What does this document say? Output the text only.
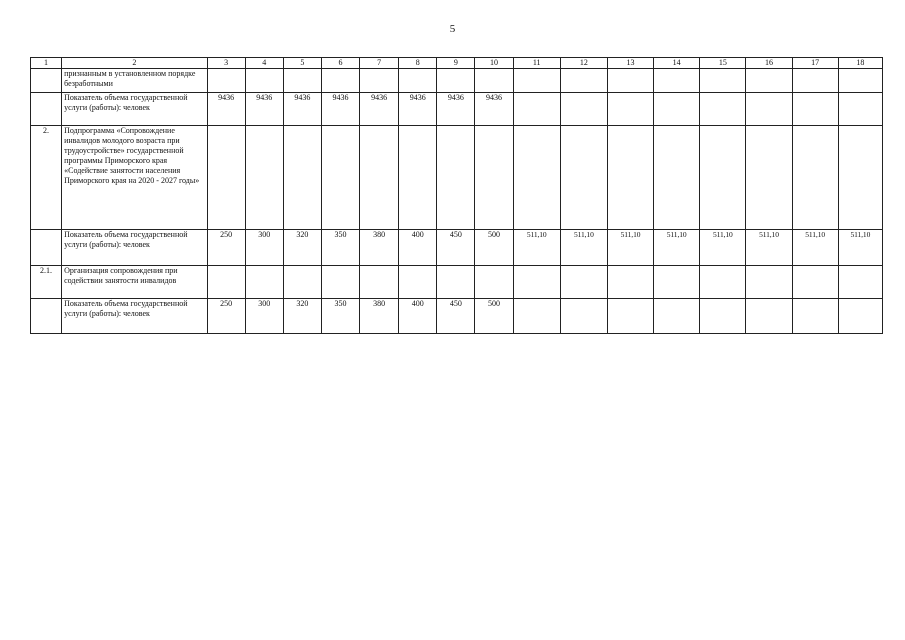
5
1	2	3	4	5	6	7	8	9	10	11	12	13	14	15	16	17	18
	признанным в установленном порядке безработными																
	Показатель объема государственной услуги (работы): человек	9436	9436	9436	9436	9436	9436	9436	9436								
2.	Подпрограмма «Сопровождение инвалидов молодого возраста при трудоустройстве» государственной программы Приморского края «Содействие занятости населения Приморского края на 2020 - 2027 годы»																
	Показатель объема государственной услуги (работы): человек	250	300	320	350	380	400	450	500	511,10	511,10	511,10	511,10	511,10	511,10	511,10	511,10
2.1.	Организация сопровождения при содействии занятости инвалидов																
	Показатель объема государственной услуги (работы): человек	250	300	320	350	380	400	450	500								
